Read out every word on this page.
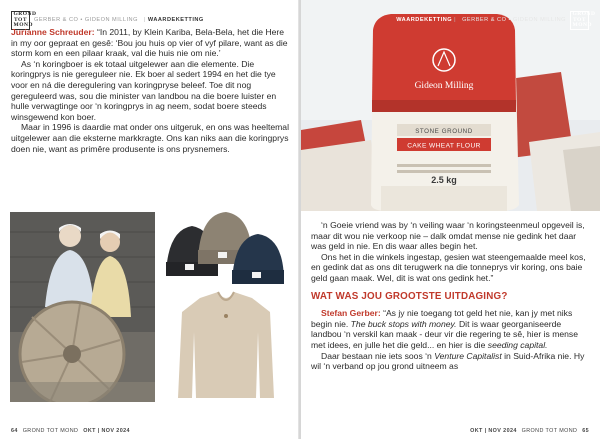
GROND
TOT
MOND
GERBER & CO • GIDEON MILLING | WAARDEKETTING

Jurianne Schreuder: “In 2011, by Klein Kariba, Bela-Bela, het die Here in my oor gepraat en gesê: ‘Bou jou huis op vier of vyf pilare, want as die storm kom en een pilaar kraak, val die huis nie om nie.’

As ‘n koringboer is ek totaal uitgelewer aan die elemente. Die koringprys is nie gereguleer nie. Ek boer al sedert 1994 en het die tye voor en ná die deregulering van koringpryse beleef. Toe dit nog gereguleerd was, sou die minister van landbou na die boere luister en hulle verwagtinge oor ‘n koringprys in ag neem, sodat boere steeds winsgewend kon boer.

Maar in 1996 is daardie mat onder ons uitgeruk, en ons was heeltemal uitgelewer aan die eksterne markkragte. Ons kan niks aan die koringprys doen nie, want as primêre produsente is ons prysnemers.

64 GROND TOT MOND OKT | NOV 2024

‘n Goeie vriend was by ‘n veiling waar ‘n koringsteenmeul opgeveil is, maar dit wou nie verkoop nie – dalk omdat mense nie gedink het daar was geld in nie. En dis waar alles begin het.

Ons het in die winkels ingestap, gesien wat steengemaalde meel kos, en gedink dat as ons dit terugwerk na die tonneprys vir koring, ons baie geld gaan maak. Wel, dit is wat ons gedink het.”

WAT WAS JOU GROOTSTE UITDAGING?

Stefan Gerber: “As jy nie toegang tot geld het nie, kan jy met niks begin nie. The buck stops with money. Dit is waar georganiseerde landbou ‘n verskil kan maak - deur vir die regering te sê, hier is mense met idees, en julle het die geld... en hier is die seeding capital.

Daar bestaan nie iets soos ‘n Venture Capitalist in Suid-Afrika nie. Hy wil ‘n verband op jou grond uitneem as

OKT | NOV 2024 GROND TOT MOND 65
Gideon Milling
STONE GROUND
CAKE WHEAT FLOUR
2.5 kg
WAARDEKETTING | GERBER & CO • GIDEON MILLING
GROND
TOT
MOND
